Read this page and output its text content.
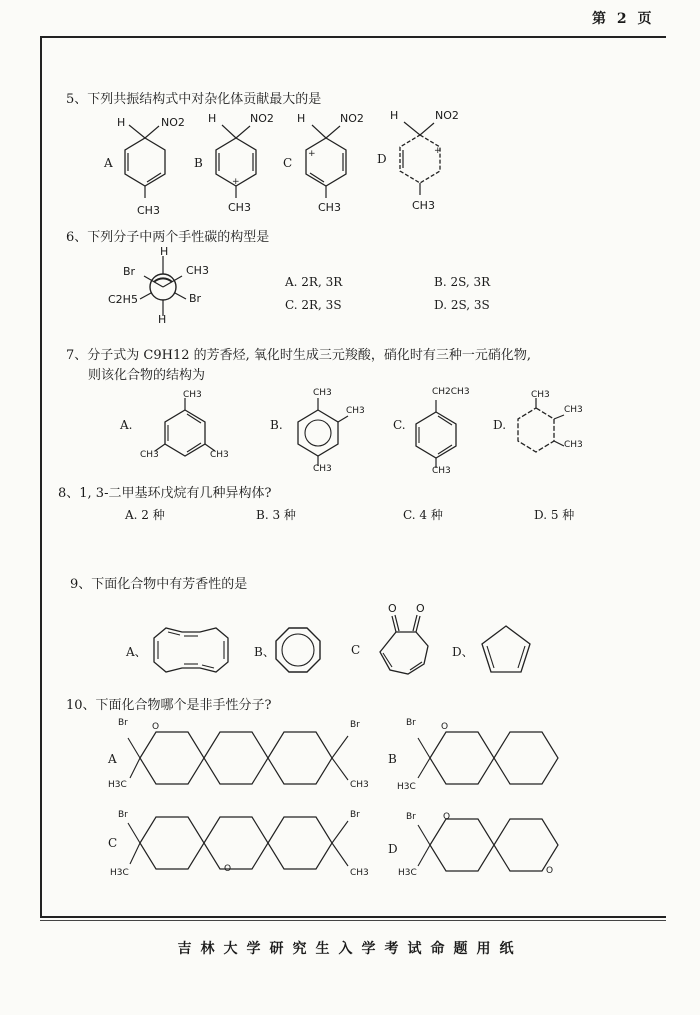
第 2 页
5、下列共振结构式中对杂化体贡献最大的是
A
H	NO2
CH3
B
+
H	NO2
CH3
C
+
H	NO2
CH3
D
+
H	NO2
CH3
6、下列分子中两个手性碳的构型是
H
Br	CH3
C2H5	Br
H
A. 2R, 3R	B. 2S, 3R
C. 2R, 3S	D. 2S, 3S
7、分子式为 C9H12 的芳香烃, 氧化时生成三元羧酸，硝化时有三种一元硝化物,
则该化合物的结构为
A.
CH3
CH3	CH3
B.
CH3
CH3
CH3
C.
CH2CH3
CH3
D.
CH3
CH3
CH3
8、1, 3-二甲基环戊烷有几种异构体?
A. 2 种	B. 3 种	C. 4 种	D. 5 种
9、下面化合物中有芳香性的是
A、	B、	C
O O
D、
10、下面化合物哪个是非手性分子?
A
Br	O
H3C
Br
CH3
B
Br	O
H3C
C
Br
O
H3C
Br
CH3
D
Br	O
H3C	O
吉林大学研究生入学考试命题用纸
